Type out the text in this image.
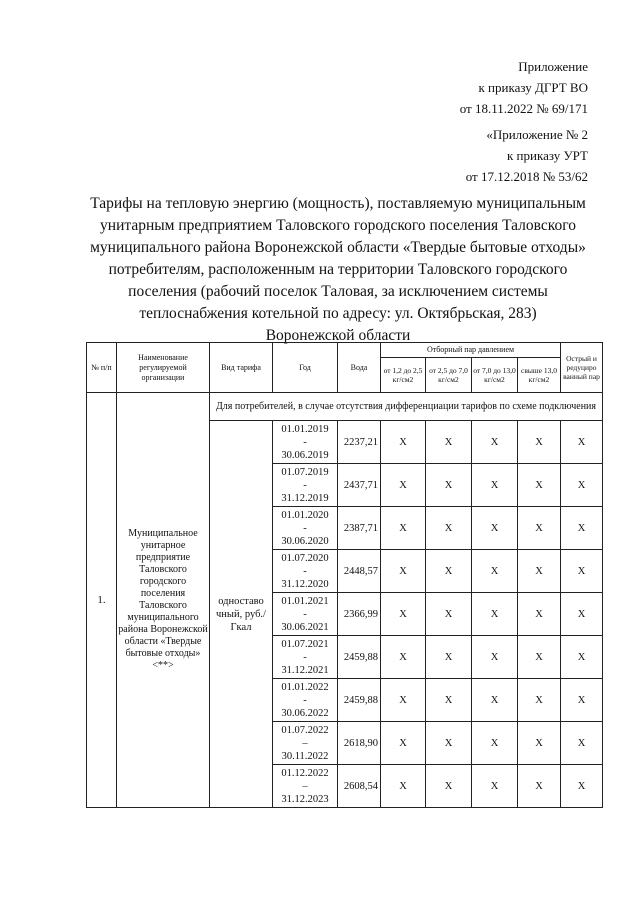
Приложение
к приказу ДГРТ ВО
от 18.11.2022 № 69/171
«Приложение № 2
к приказу УРТ
от 17.12.2018 № 53/62
Тарифы на тепловую энергию (мощность), поставляемую муниципальным
унитарным предприятием Таловского городского поселения Таловского
муниципального района Воронежской области «Твердые бытовые отходы»
потребителям, расположенным на территории Таловского городского
поселения (рабочий поселок Таловая, за исключением системы
теплоснабжения котельной по адресу: ул. Октябрьская, 283)
Воронежской области
№ п/п	Наименование регулируемой организации	Вид тарифа	Год	Вода	Отборный пар давлением				Острый и редуциро ванный пар
					от 1,2 до 2,5 кг/см2	от 2,5 до 7,0 кг/см2	от 7,0 до 13,0 кг/см2	свыше 13,0 кг/см2	
1.	Муниципальное унитарное предприятие Таловского городского поселения Таловского муниципального района Воронежской области «Твердые бытовые отходы» <**>	Для потребителей, в случае отсутствия дифференциации тарифов по схеме подключения							
		одноставо чный, руб./Гкал	01.01.2019
-
30.06.2019	2237,21	X	X	X	X	X

			01.07.2019
-
31.12.2019	2437,71	X	X	X	X	X

			01.01.2020
-
30.06.2020	2387,71	X	X	X	X	X

			01.07.2020
-
31.12.2020	2448,57	X	X	X	X	X

			01.01.2021
-
30.06.2021	2366,99	X	X	X	X	X

			01.07.2021
-
31.12.2021	2459,88	X	X	X	X	X

			01.01.2022
-
30.06.2022	2459,88	X	X	X	X	X

			01.07.2022
–
30.11.2022	2618,90	X	X	X	X	X

			01.12.2022
–
31.12.2023	2608,54	X	X	X	X	X
